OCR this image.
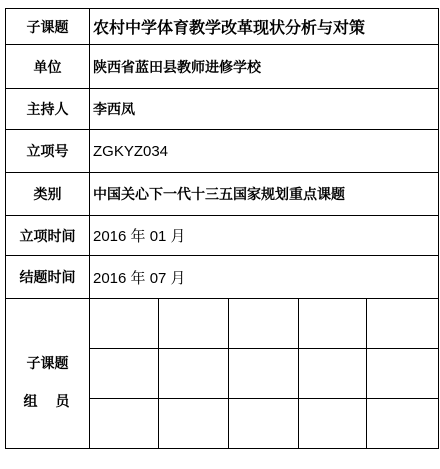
子课题	农村中学体育教学改革现状分析与对策				
单位	陕西省蓝田县教师进修学校				
主持人	李西凤				
立项号	ZGKYZ034				
类别	中国关心下一代十三五国家规划重点课题				
立项时间	2016 年 01 月				
结题时间	2016 年 07 月				

子课题
组员					
